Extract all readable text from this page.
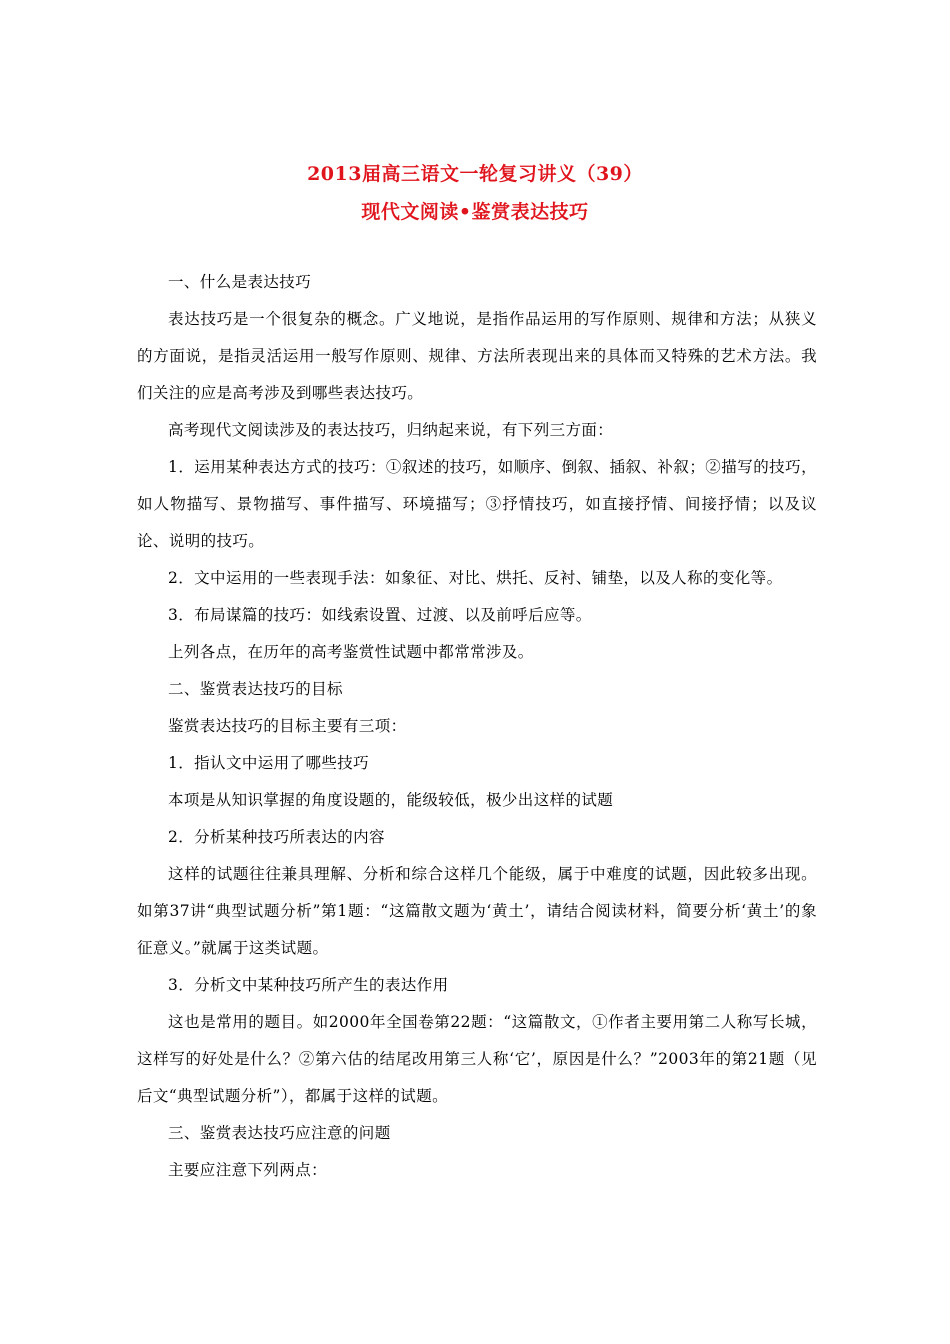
2013届高三语文一轮复习讲义（39）
现代文阅读•鉴赏表达技巧

一、什么是表达技巧

表达技巧是一个很复杂的概念。广义地说，是指作品运用的写作原则、规律和方法；从狭义的方面说，是指灵活运用一般写作原则、规律、方法所表现出来的具体而又特殊的艺术方法。我们关注的应是高考涉及到哪些表达技巧。

高考现代文阅读涉及的表达技巧，归纳起来说，有下列三方面：

1．运用某种表达方式的技巧：①叙述的技巧，如顺序、倒叙、插叙、补叙；②描写的技巧，如人物描写、景物描写、事件描写、环境描写；③抒情技巧，如直接抒情、间接抒情；以及议论、说明的技巧。

2．文中运用的一些表现手法：如象征、对比、烘托、反衬、铺垫，以及人称的变化等。

3．布局谋篇的技巧：如线索设置、过渡、以及前呼后应等。

上列各点，在历年的高考鉴赏性试题中都常常涉及。

二、鉴赏表达技巧的目标

鉴赏表达技巧的目标主要有三项：

1．指认文中运用了哪些技巧

本项是从知识掌握的角度设题的，能级较低，极少出这样的试题

2．分析某种技巧所表达的内容

这样的试题往往兼具理解、分析和综合这样几个能级，属于中难度的试题，因此较多出现。如第37讲“典型试题分析”第1题：“这篇散文题为‘黄土’，请结合阅读材料，简要分析‘黄土’的象征意义。”就属于这类试题。

3．分析文中某种技巧所产生的表达作用

这也是常用的题目。如2000年全国卷第22题：“这篇散文，①作者主要用第二人称写长城，这样写的好处是什么？②第六估的结尾改用第三人称‘它’，原因是什么？”2003年的第21题（见后文“典型试题分析”），都属于这样的试题。

三、鉴赏表达技巧应注意的问题

主要应注意下列两点：
